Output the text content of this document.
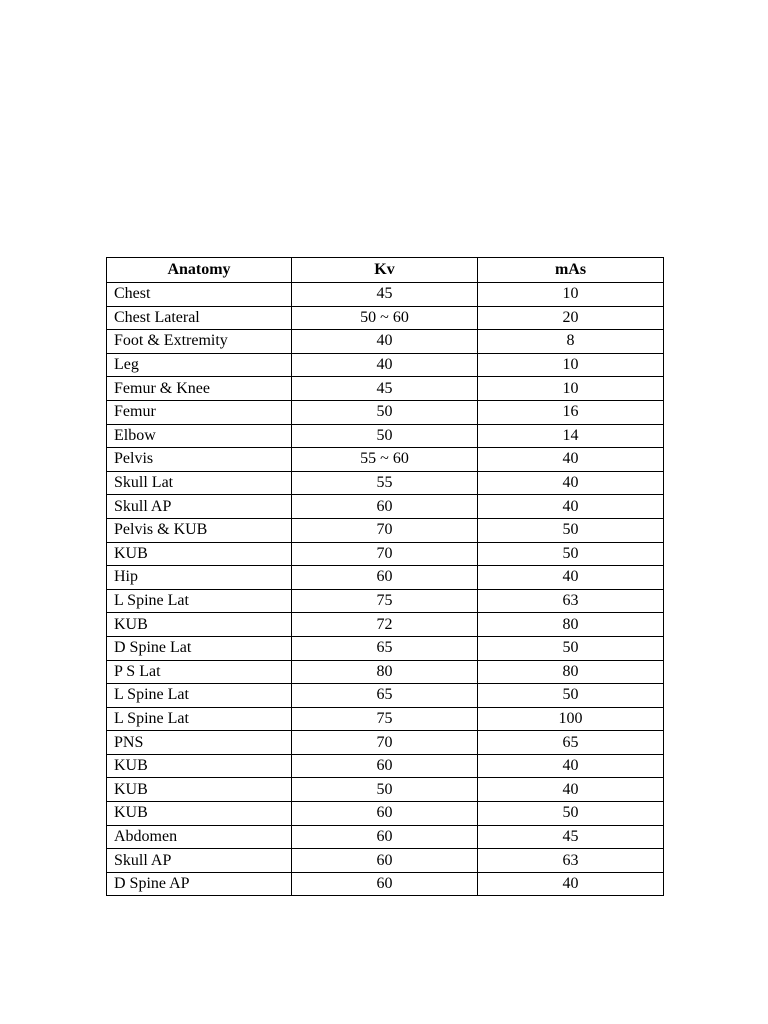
Anatomy	Kv	mAs
Chest	45	10
Chest Lateral	50 ~ 60	20
Foot & Extremity	40	8
Leg	40	10
Femur & Knee	45	10
Femur	50	16
Elbow	50	14
Pelvis	55 ~ 60	40
Skull Lat	55	40
Skull AP	60	40
Pelvis & KUB	70	50
KUB	70	50
Hip	60	40
L Spine Lat	75	63
KUB	72	80
D Spine Lat	65	50
P S Lat	80	80
L Spine Lat	65	50
L Spine Lat	75	100
PNS	70	65
KUB	60	40
KUB	50	40
KUB	60	50
Abdomen	60	45
Skull AP	60	63
D Spine AP	60	40
